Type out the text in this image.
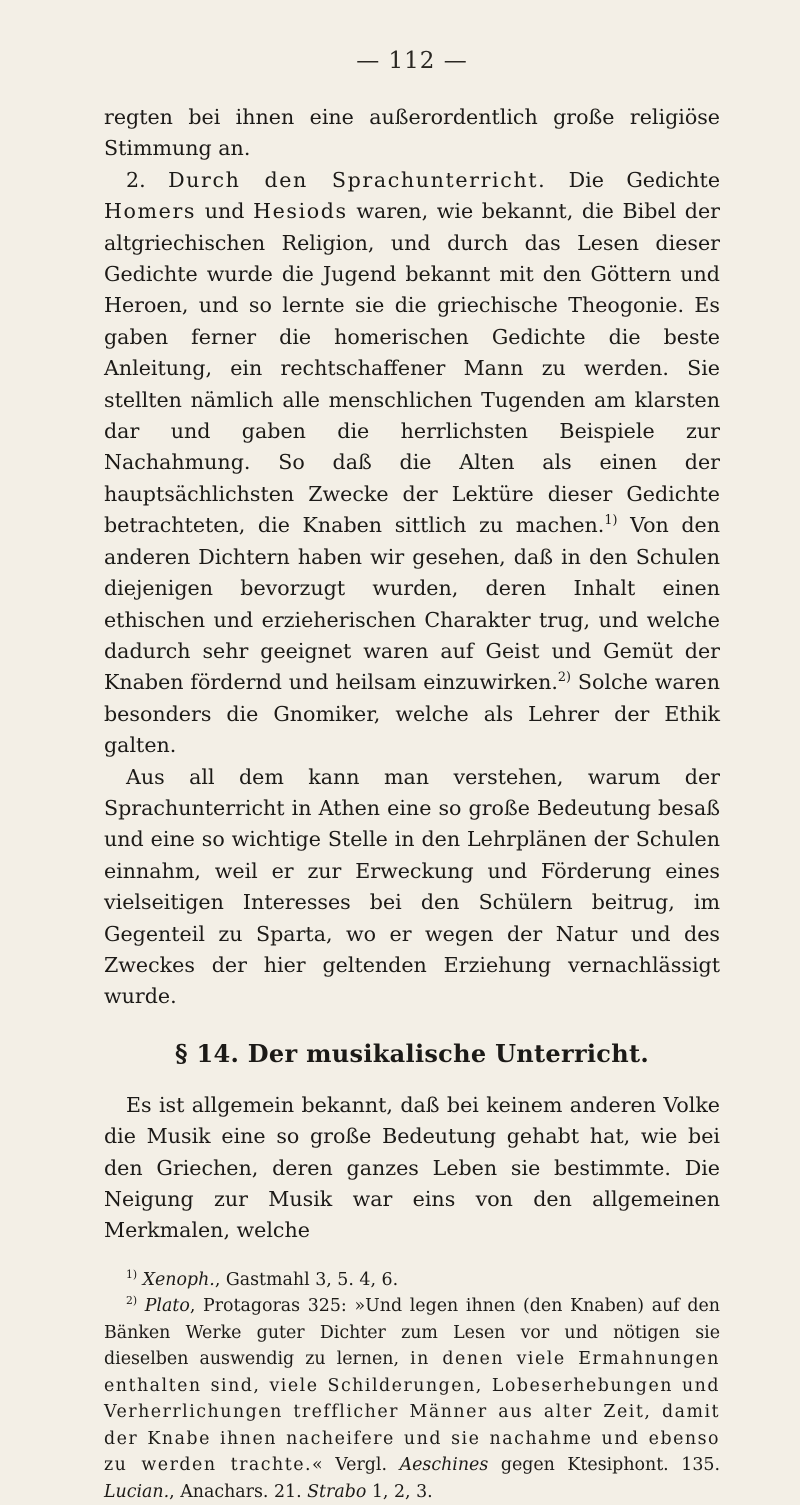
— 112 —

regten bei ihnen eine außerordentlich große religiöse Stimmung an.

2. Durch den Sprachunterricht. Die Gedichte Homers und Hesiods waren, wie bekannt, die Bibel der altgriechischen Religion, und durch das Lesen dieser Gedichte wurde die Jugend bekannt mit den Göttern und Heroen, und so lernte sie die griechische Theogonie. Es gaben ferner die homerischen Gedichte die beste Anleitung, ein rechtschaffener Mann zu werden. Sie stellten nämlich alle menschlichen Tugenden am klarsten dar und gaben die herrlichsten Beispiele zur Nachahmung. So daß die Alten als einen der hauptsächlichsten Zwecke der Lektüre dieser Gedichte betrachteten, die Knaben sittlich zu machen.$^{1)}$ Von den anderen Dichtern haben wir gesehen, daß in den Schulen diejenigen bevorzugt wurden, deren Inhalt einen ethischen und erzieherischen Charakter trug, und welche dadurch sehr geeignet waren auf Geist und Gemüt der Knaben fördernd und heilsam einzuwirken.$^{2)}$ Solche waren besonders die Gnomiker, welche als Lehrer der Ethik galten.

Aus all dem kann man verstehen, warum der Sprachunterricht in Athen eine so große Bedeutung besaß und eine so wichtige Stelle in den Lehrplänen der Schulen einnahm, weil er zur Erweckung und Förderung eines vielseitigen Interesses bei den Schülern beitrug, im Gegenteil zu Sparta, wo er wegen der Natur und des Zweckes der hier geltenden Erziehung vernachlässigt wurde.

§ 14. Der musikalische Unterricht.

Es ist allgemein bekannt, daß bei keinem anderen Volke die Musik eine so große Bedeutung gehabt hat, wie bei den Griechen, deren ganzes Leben sie bestimmte. Die Neigung zur Musik war eins von den allgemeinen Merkmalen, welche

$^{1)}$ Xenoph., Gastmahl 3, 5. 4, 6.

$^{2)}$ Plato, Protagoras 325: »Und legen ihnen (den Knaben) auf den Bänken Werke guter Dichter zum Lesen vor und nötigen sie dieselben auswendig zu lernen, in denen viele Ermahnungen enthalten sind, viele Schilderungen, Lobeserhebungen und Verherrlichungen trefflicher Männer aus alter Zeit, damit der Knabe ihnen nacheifere und sie nachahme und ebenso zu werden trachte.« Vergl. Aeschines gegen Ktesiphont. 135. Lucian., Anachars. 21. Strabo 1, 2, 3.
